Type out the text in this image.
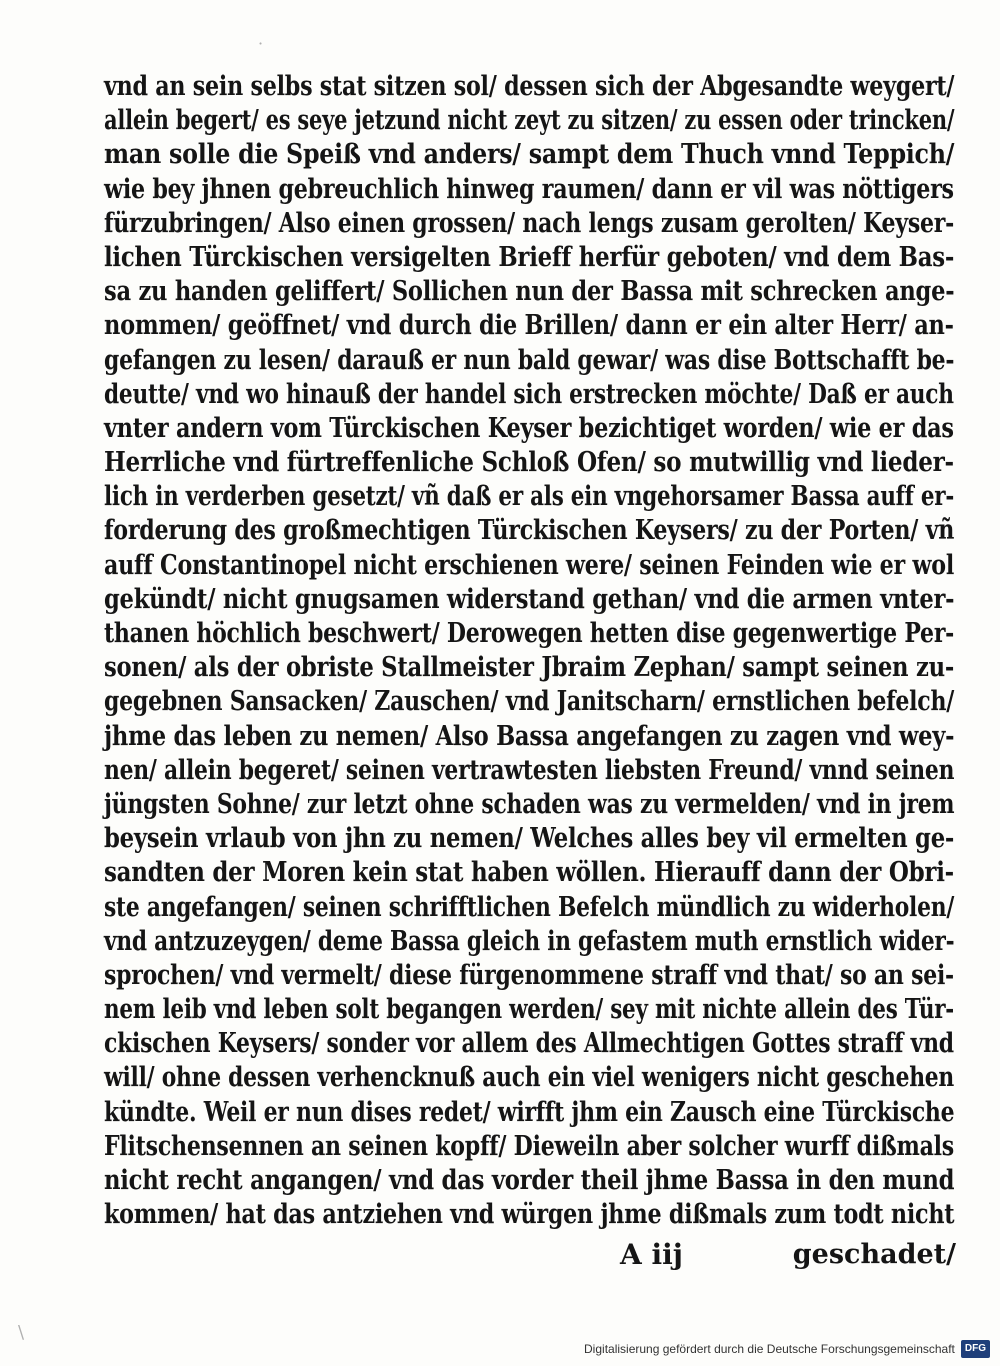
·
\
vnd an sein selbs stat sitzen sol/ dessen sich der Abgesandte weygert/
allein begert/ es seye jetzund nicht zeyt zu sitzen/ zu essen oder trincken/
man solle die Speiß vnd anders/ sampt dem Thuch vnnd Teppich/
wie bey jhnen gebreuchlich hinweg raumen/ dann er vil was nöttigers
fürzubringen/ Also einen grossen/ nach lengs zusam gerolten/ Keyser-
lichen Türckischen versigelten Brieff herfür geboten/ vnd dem Bas-
sa zu handen geliffert/ Sollichen nun der Bassa mit schrecken ange-
nommen/ geöffnet/ vnd durch die Brillen/ dann er ein alter Herr/ an-
gefangen zu lesen/ darauß er nun bald gewar/ was dise Bottschafft be-
deutte/ vnd wo hinauß der handel sich erstrecken möchte/ Daß er auch
vnter andern vom Türckischen Keyser bezichtiget worden/ wie er das
Herrliche vnd fürtreffenliche Schloß Ofen/ so mutwillig vnd lieder-
lich in verderben gesetzt/ vñ daß er als ein vngehorsamer Bassa auff er-
forderung des großmechtigen Türckischen Keysers/ zu der Porten/ vñ
auff Constantinopel nicht erschienen were/ seinen Feinden wie er wol
gekündt/ nicht gnugsamen widerstand gethan/ vnd die armen vnter-
thanen höchlich beschwert/ Derowegen hetten dise gegenwertige Per-
sonen/ als der obriste Stallmeister Jbraim Zephan/ sampt seinen zu-
gegebnen Sansacken/ Zauschen/ vnd Janitscharn/ ernstlichen befelch/
jhme das leben zu nemen/ Also Bassa angefangen zu zagen vnd wey-
nen/ allein begeret/ seinen vertrawtesten liebsten Freund/ vnnd seinen
jüngsten Sohne/ zur letzt ohne schaden was zu vermelden/ vnd in jrem
beysein vrlaub von jhn zu nemen/ Welches alles bey vil ermelten ge-
sandten der Moren kein stat haben wöllen. Hierauff dann der Obri-
ste angefangen/ seinen schrifftlichen Befelch mündlich zu widerholen/
vnd antzuzeygen/ deme Bassa gleich in gefastem muth ernstlich wider-
sprochen/ vnd vermelt/ diese fürgenommene straff vnd that/ so an sei-
nem leib vnd leben solt begangen werden/ sey mit nichte allein des Tür-
ckischen Keysers/ sonder vor allem des Allmechtigen Gottes straff vnd
will/ ohne dessen verhencknuß auch ein viel wenigers nicht geschehen
kündte. Weil er nun dises redet/ wirfft jhm ein Zausch eine Türckische
Flitschensennen an seinen kopff/ Dieweiln aber solcher wurff dißmals
nicht recht angangen/ vnd das vorder theil jhme Bassa in den mund
kommen/ hat das antziehen vnd würgen jhme dißmals zum todt nicht
A iij	geschadet/
Digitalisierung gefördert durch die Deutsche Forschungsgemeinschaft	DFG
